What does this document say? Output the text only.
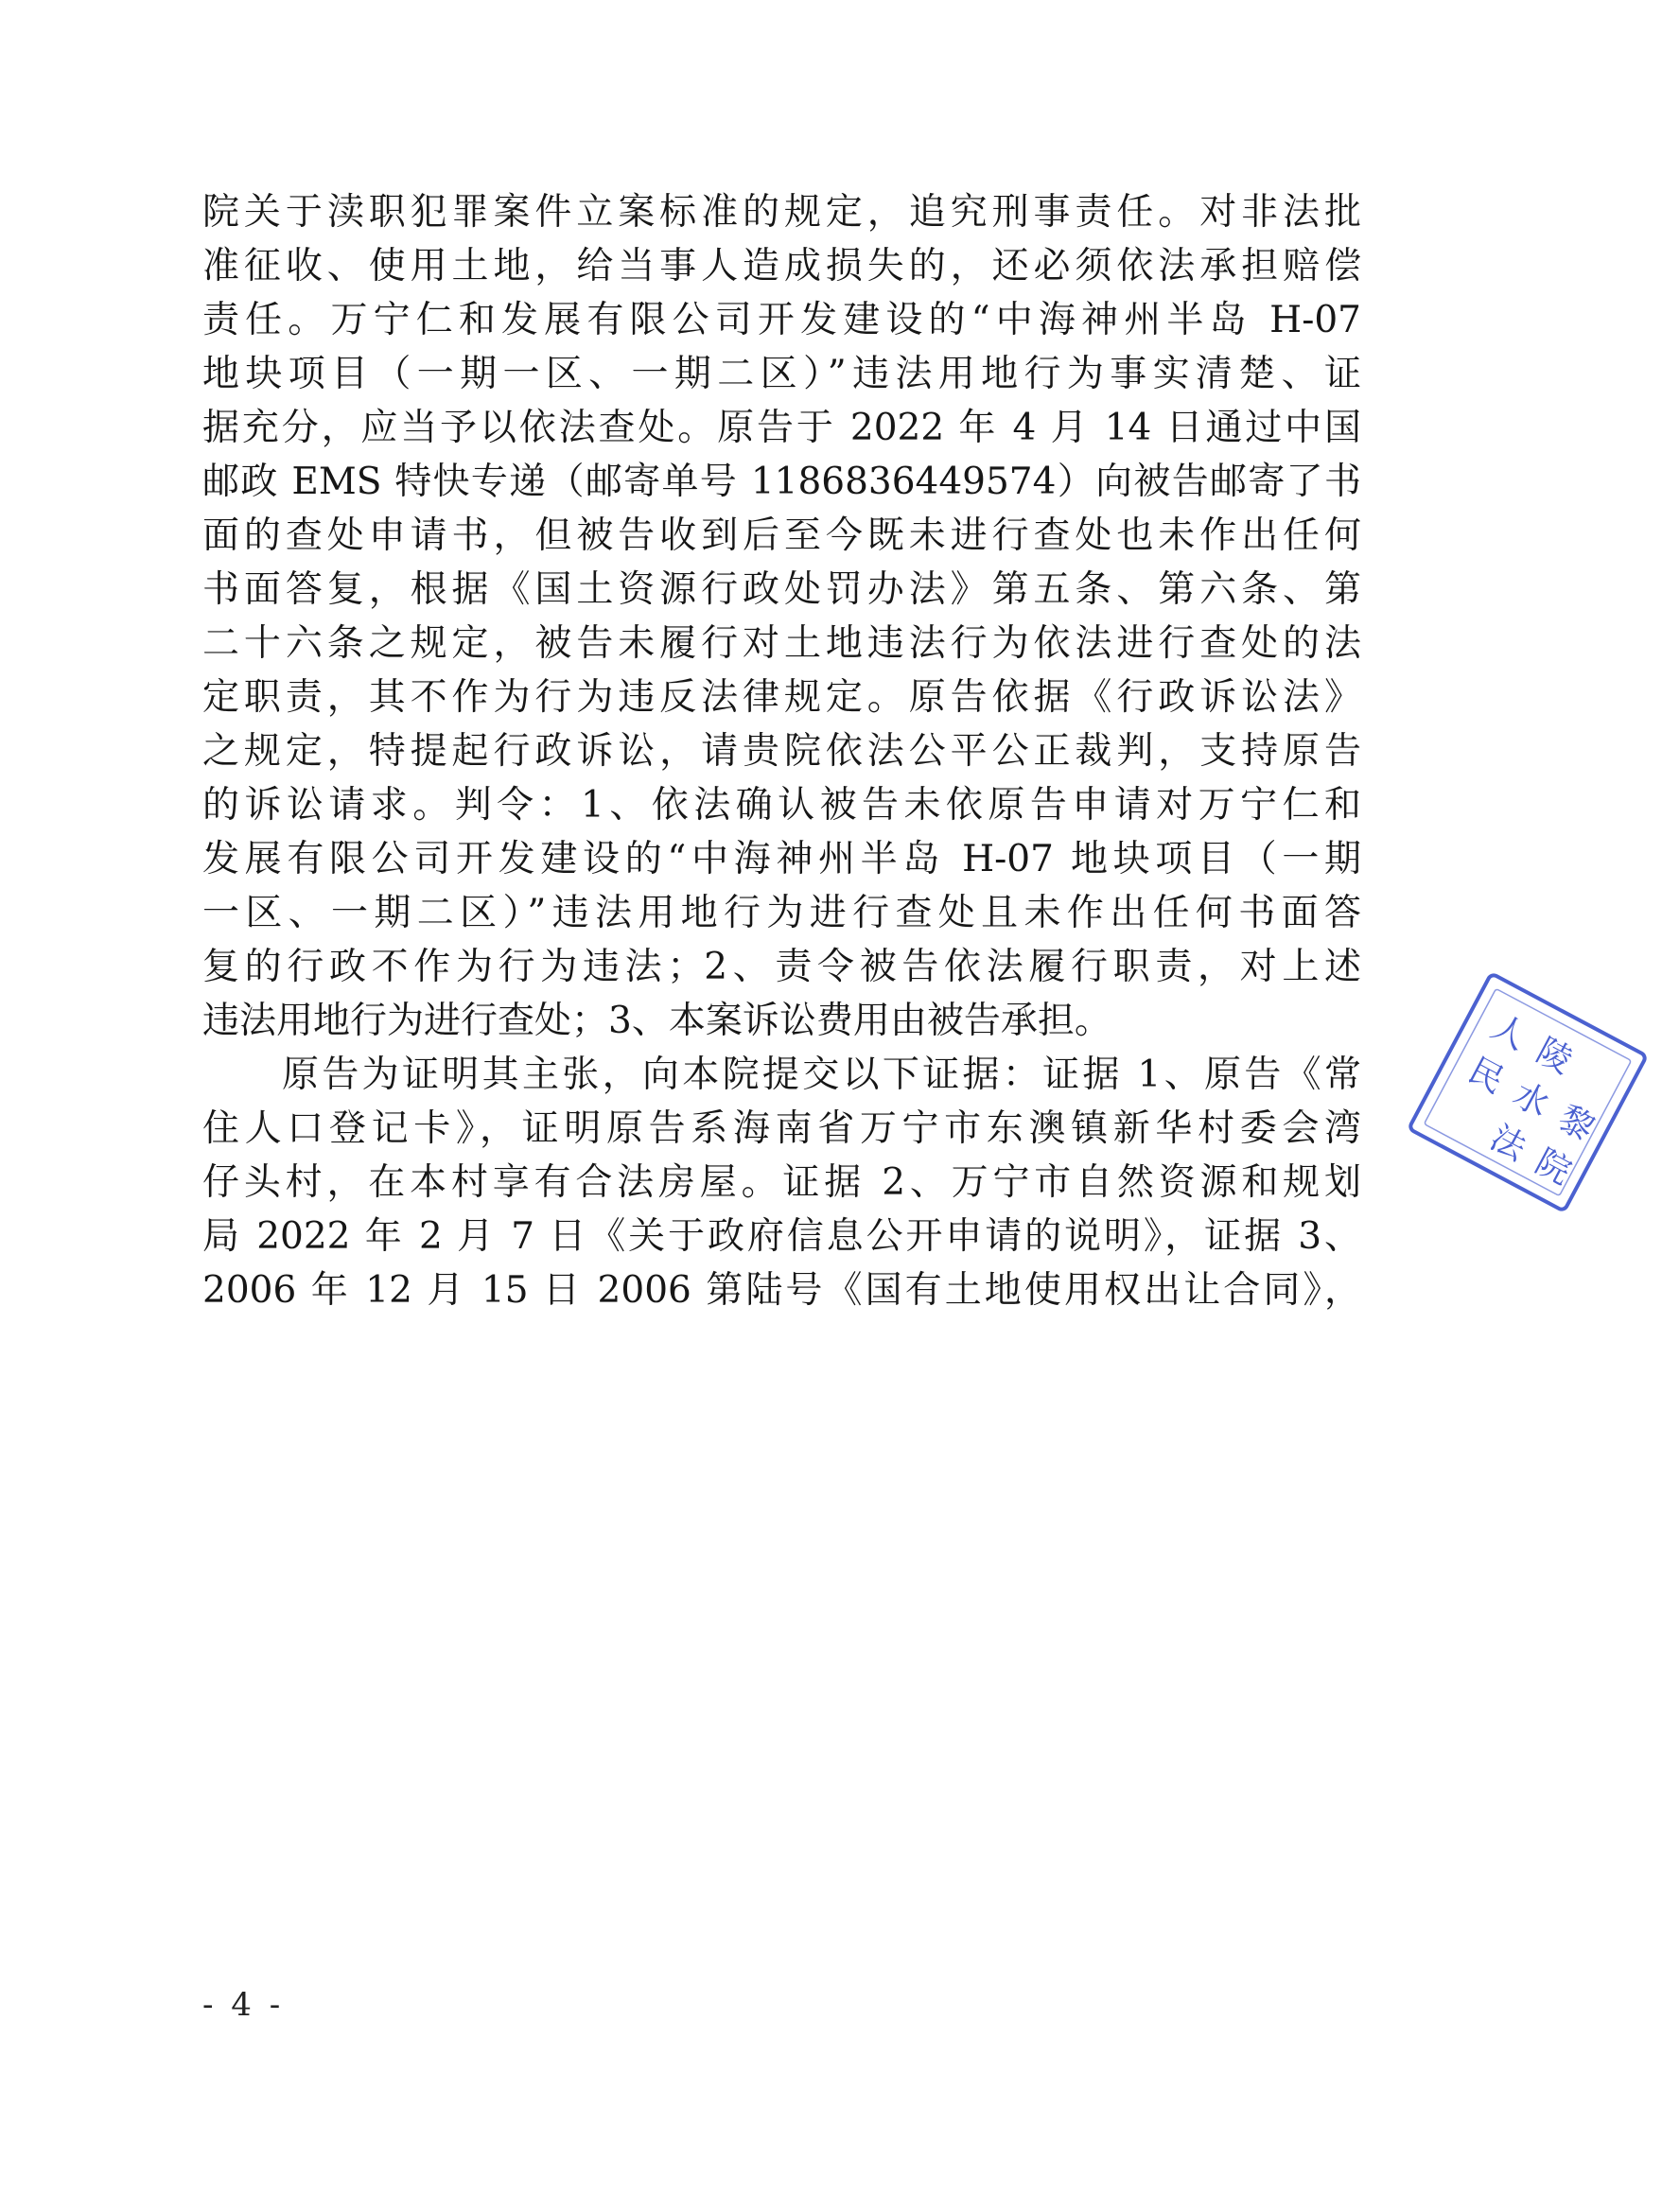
院关于渎职犯罪案件立案标准的规定，追究刑事责任。对非法批
准征收、使用土地，给当事人造成损失的，还必须依法承担赔偿
责任。万宁仁和发展有限公司开发建设的“中海神州半岛 H-07
地块项目（一期一区、一期二区）”违法用地行为事实清楚、证
据充分，应当予以依法查处。原告于 2022 年 4 月 14 日通过中国
邮政 EMS 特快专递（邮寄单号 1186836449574）向被告邮寄了书
面的查处申请书，但被告收到后至今既未进行查处也未作出任何
书面答复，根据《国土资源行政处罚办法》第五条、第六条、第
二十六条之规定，被告未履行对土地违法行为依法进行查处的法
定职责，其不作为行为违反法律规定。原告依据《行政诉讼法》
之规定，特提起行政诉讼，请贵院依法公平公正裁判，支持原告
的诉讼请求。判令：1、依法确认被告未依原告申请对万宁仁和
发展有限公司开发建设的“中海神州半岛 H-07 地块项目（一期
一区、一期二区）”违法用地行为进行查处且未作出任何书面答
复的行政不作为行为违法；2、责令被告依法履行职责，对上述
违法用地行为进行查处；3、本案诉讼费用由被告承担。
原告为证明其主张，向本院提交以下证据：证据 1、原告《常
住人口登记卡》，证明原告系海南省万宁市东澳镇新华村委会湾
仔头村，在本村享有合法房屋。证据 2、万宁市自然资源和规划
局 2022 年 2 月 7 日《关于政府信息公开申请的说明》，证据 3、
2006 年 12 月 15 日 2006 第陆号《国有土地使用权出让合同》，
人
陵
民
水
法 黎
院
- 4 -
